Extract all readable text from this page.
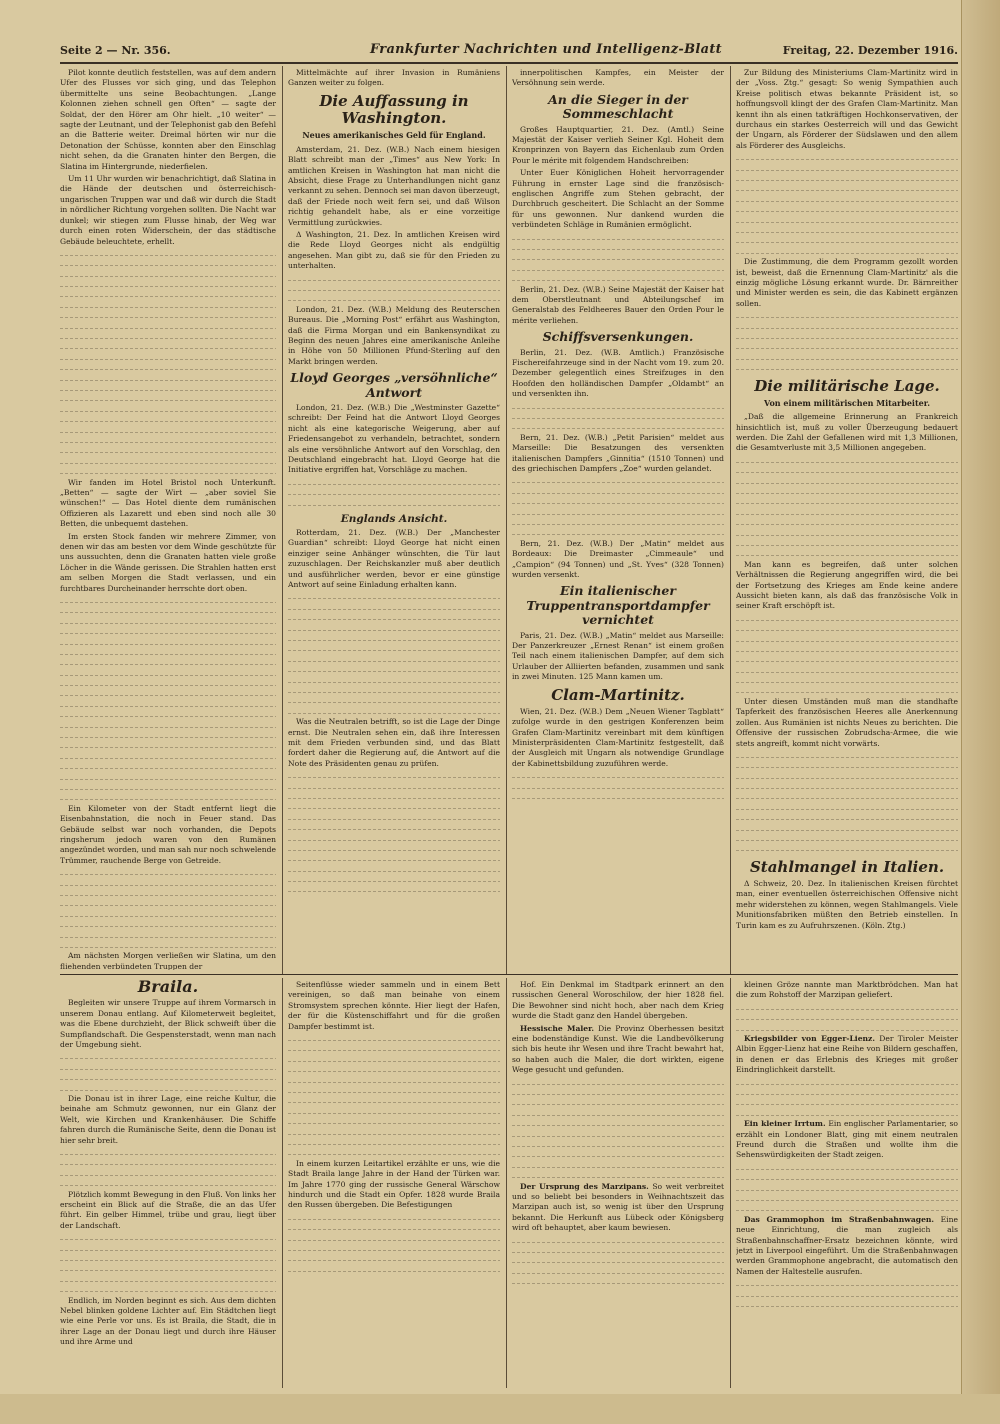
Seite 2 — Nr. 356.	Frankfurter Nachrichten und Intelligenz-Blatt	Freitag, 22. Dezember 1916.

Pilot konnte deutlich feststellen, was auf dem andern Ufer des Flusses vor sich ging, und das Telephon übermittelte uns seine Beobachtungen. „Lange Kolonnen ziehen schnell gen Often“ — sagte der Soldat, der den Hörer am Ohr hielt. „10 weiter“ — sagte der Leutnant, und der Telephonist gab den Befehl an die Batterie weiter. Dreimal hörten wir nur die Detonation der Schüsse, konnten aber den Einschlag nicht sehen, da die Granaten hinter den Bergen, die Slatina im Hintergrunde, niederfielen.

Um 11 Uhr wurden wir benachrichtigt, daß Slatina in die Hände der deutschen und österreichisch-ungarischen Truppen war und daß wir durch die Stadt in nördlicher Richtung vorgehen sollten. Die Nacht war dunkel; wir stiegen zum Flusse hinab, der Weg war durch einen roten Widerschein, der das städtische Gebäude beleuchtete, erhellt.

Wir fanden im Hotel Bristol noch Unterkunft. „Betten“ — sagte der Wirt — „aber soviel Sie wünschen!“ — Das Hotel diente dem rumänischen Offizieren als Lazarett und eben sind noch alle 30 Betten, die unbequemt dastehen.

Im ersten Stock fanden wir mehrere Zimmer, von denen wir das am besten vor dem Winde geschützte für uns aussuchten, denn die Granaten hatten viele große Löcher in die Wände gerissen. Die Strahlen hatten erst am selben Morgen die Stadt verlassen, und ein furchtbares Durcheinander herrschte dort oben.

Ein Kilometer von der Stadt entfernt liegt die Eisenbahnstation, die noch in Feuer stand. Das Gebäude selbst war noch vorhanden, die Depots ringsherum jedoch waren von den Rumänen angezündet worden, und man sah nur noch schwelende Trümmer, rauchende Berge von Getreide.

Am nächsten Morgen verließen wir Slatina, um den fliehenden verbündeten Truppen der

Mittelmächte auf ihrer Invasion in Rumäniens Ganzen weiter zu folgen.

Die Auffassung in Washington.
Neues amerikanisches Geld für England.

Amsterdam, 21. Dez. (W.B.) Nach einem hiesigen Blatt schreibt man der „Times“ aus New York: In amtlichen Kreisen in Washington hat man nicht die Absicht, diese Frage zu Unterhandlungen nicht ganz verkannt zu sehen. Dennoch sei man davon überzeugt, daß der Friede noch weit fern sei, und daß Wilson richtig gehandelt habe, als er eine vorzeitige Vermittlung zurückwies.

Δ Washington, 21. Dez. In amtlichen Kreisen wird die Rede Lloyd Georges nicht als endgültig angesehen. Man gibt zu, daß sie für den Frieden zu unterhalten.

London, 21. Dez. (W.B.) Meldung des Reuterschen Bureaus. Die „Morning Post“ erfährt aus Washington, daß die Firma Morgan und ein Bankensyndikat zu Beginn des neuen Jahres eine amerikanische Anleihe in Höhe von 50 Millionen Pfund-Sterling auf den Markt bringen werden.

Lloyd Georges „versöhnliche“ Antwort

London, 21. Dez. (W.B.) Die „Westminster Gazette“ schreibt: Der Feind hat die Antwort Lloyd Georges nicht als eine kategorische Weigerung, aber auf Friedensangebot zu verhandeln, betrachtet, sondern als eine versöhnliche Antwort auf den Vorschlag, den Deutschland eingebracht hat. Lloyd George hat die Initiative ergriffen hat, Vorschläge zu machen.

Englands Ansicht.

Rotterdam, 21. Dez. (W.B.) Der „Manchester Guardian“ schreibt: Lloyd George hat nicht einen einziger seine Anhänger wünschten, die Tür laut zuzuschlagen. Der Reichskanzler muß aber deutlich und ausführlicher werden, bevor er eine günstige Antwort auf seine Einladung erhalten kann.

Was die Neutralen betrifft, so ist die Lage der Dinge ernst. Die Neutralen sehen ein, daß ihre Interessen mit dem Frieden verbunden sind, und das Blatt fordert daher die Regierung auf, die Antwort auf die Note des Präsidenten genau zu prüfen.

innerpolitischen Kampfes, ein Meister der Versöhnung sein werde.

An die Sieger in der Sommeschlacht

Großes Hauptquartier, 21. Dez. (Amtl.) Seine Majestät der Kaiser verlieh Seiner Kgl. Hoheit dem Kronprinzen von Bayern das Eichenlaub zum Orden Pour le mérite mit folgendem Handschreiben:

Unter Euer Königlichen Hoheit hervorragender Führung in ernster Lage sind die französisch-englischen Angriffe zum Stehen gebracht, der Durchbruch gescheitert. Die Schlacht an der Somme für uns gewonnen. Nur dankend wurden die verbündeten Schläge in Rumänien ermöglicht.

Berlin, 21. Dez. (W.B.) Seine Majestät der Kaiser hat dem Oberstleutnant und Abteilungschef im Generalstab des Feldheeres Bauer den Orden Pour le mérite verliehen.

Schiffsversenkungen.

Berlin, 21. Dez. (W.B. Amtlich.) Französische Fischereifahrzeuge sind in der Nacht vom 19. zum 20. Dezember gelegentlich eines Streifzuges in den Hoofden den holländischen Dampfer „Oldambt“ an und versenkten ihn.

Bern, 21. Dez. (W.B.) „Petit Parisien“ meldet aus Marseille: Die Besatzungen des versenkten italienischen Dampfers „Ginnitia“ (1510 Tonnen) und des griechischen Dampfers „Zoe“ wurden gelandet.

Bern, 21. Dez. (W.B.) Der „Matin“ meldet aus Bordeaux: Die Dreimaster „Cimmeaule“ und „Campion“ (94 Tonnen) und „St. Yves“ (328 Tonnen) wurden versenkt.

Ein italienischer Truppentransportdampfer vernichtet

Paris, 21. Dez. (W.B.) „Matin“ meldet aus Marseille: Der Panzerkreuzer „Ernest Renan“ ist einem großen Teil nach einem italienischen Dampfer, auf dem sich Urlauber der Alliierten befanden, zusammen und sank in zwei Minuten. 125 Mann kamen um.

Clam-Martinitz.

Wien, 21. Dez. (W.B.) Dem „Neuen Wiener Tagblatt“ zufolge wurde in den gestrigen Konferenzen beim Grafen Clam-Martinitz vereinbart mit dem künftigen Ministerpräsidenten Clam-Martinitz festgestellt, daß der Ausgleich mit Ungarn als notwendige Grundlage der Kabinettsbildung zuzuführen werde.

Zur Bildung des Ministeriums Clam-Martinitz wird in der „Voss. Ztg.“ gesagt: So wenig Sympathien auch Kreise politisch etwas bekannte Präsident ist, so hoffnungsvoll klingt der des Grafen Clam-Martinitz. Man kennt ihn als einen tatkräftigen Hochkonservativen, der durchaus ein starkes Oesterreich will und das Gewicht der Ungarn, als Förderer der Südslawen und den allem als Förderer des Ausgleichs.

Die Zustimmung, die dem Programm gezollt worden ist, beweist, daß die Ernennung Clam-Martinitz' als die einzig mögliche Lösung erkannt wurde. Dr. Bärnreither und Minister werden es sein, die das Kabinett ergänzen sollen.

Die militärische Lage.
Von einem militärischen Mitarbeiter.

„Daß die allgemeine Erinnerung an Frankreich hinsichtlich ist, muß zu voller Überzeugung bedauert werden. Die Zahl der Gefallenen wird mit 1,3 Millionen, die Gesamtverluste mit 3,5 Millionen angegeben.

Man kann es begreifen, daß unter solchen Verhältnissen die Regierung angegriffen wird, die bei der Fortsetzung des Krieges am Ende keine andere Aussicht bieten kann, als daß das französische Volk in seiner Kraft erschöpft ist.

Unter diesen Umständen muß man die standhafte Tapferkeit des französischen Heeres alle Anerkennung zollen. Aus Rumänien ist nichts Neues zu berichten. Die Offensive der russischen Zobrudscha-Armee, die wie stets angreift, kommt nicht vorwärts.

Stahlmangel in Italien.

Δ Schweiz, 20. Dez. In italienischen Kreisen fürchtet man, einer eventuellen österreichischen Offensive nicht mehr widerstehen zu können, wegen Stahlmangels. Viele Munitionsfabriken müßten den Betrieb einstellen. In Turin kam es zu Aufruhrszenen. (Köln. Ztg.)

Braila.

Begleiten wir unsere Truppe auf ihrem Vormarsch in unserem Donau entlang. Auf Kilometerweit begleitet, was die Ebene durchzieht, der Blick schweift über die Sumpflandschaft. Die Gespensterstadt, wenn man nach der Umgebung sieht.

Die Donau ist in ihrer Lage, eine reiche Kultur, die beinahe am Schmutz gewonnen, nur ein Glanz der Welt, wie Kirchen und Krankenhäuser. Die Schiffe fahren durch die Rumänische Seite, denn die Donau ist hier sehr breit.

Plötzlich kommt Bewegung in den Fluß. Von links her erscheint ein Blick auf die Straße, die an das Ufer führt. Ein gelber Himmel, trübe und grau, liegt über der Landschaft.

Endlich, im Norden beginnt es sich. Aus dem dichten Nebel blinken goldene Lichter auf. Ein Städtchen liegt wie eine Perle vor uns. Es ist Braila, die Stadt, die in ihrer Lage an der Donau liegt und durch ihre Häuser und ihre Arme und

Seitenflüsse wieder sammeln und in einem Bett vereinigen, so daß man beinahe von einem Stromsystem sprechen könnte. Hier liegt der Hafen, der für die Küstenschiffahrt und für die großen Dampfer bestimmt ist.

In einem kurzen Leitartikel erzählte er uns, wie die Stadt Braila lange Jahre in der Hand der Türken war. Im Jahre 1770 ging der russische General Wärschow hindurch und die Stadt ein Opfer. 1828 wurde Braila den Russen übergeben. Die Befestigungen

Hof. Ein Denkmal im Stadtpark erinnert an den russischen General Woroschilow, der hier 1828 fiel. Die Bewohner sind nicht hoch, aber nach dem Krieg wurde die Stadt ganz den Handel übergeben.

Hessische Maler. Die Provinz Oberhessen besitzt eine bodenständige Kunst. Wie die Landbevölkerung sich bis heute ihr Wesen und ihre Tracht bewahrt hat, so haben auch die Maler, die dort wirkten, eigene Wege gesucht und gefunden.

Der Ursprung des Marzipans. So weit verbreitet und so beliebt bei besonders in Weihnachtszeit das Marzipan auch ist, so wenig ist über den Ursprung bekannt. Die Herkunft aus Lübeck oder Königsberg wird oft behauptet, aber kaum bewiesen.

kleinen Gröze nannte man Marktbrödchen. Man hat die zum Rohstoff der Marzipan geliefert.

Kriegsbilder von Egger-Lienz. Der Tiroler Meister Albin Egger-Lienz hat eine Reihe von Bildern geschaffen, in denen er das Erlebnis des Krieges mit großer Eindringlichkeit darstellt.

Ein kleiner Irrtum. Ein englischer Parlamentarier, so erzählt ein Londoner Blatt, ging mit einem neutralen Freund durch die Straßen und wollte ihm die Sehenswürdigkeiten der Stadt zeigen.

Das Grammophon im Straßenbahnwagen. Eine neue Einrichtung, die man zugleich als Straßenbahnschaffner-Ersatz bezeichnen könnte, wird jetzt in Liverpool eingeführt. Um die Straßenbahnwagen werden Grammophone angebracht, die automatisch den Namen der Haltestelle ausrufen.
